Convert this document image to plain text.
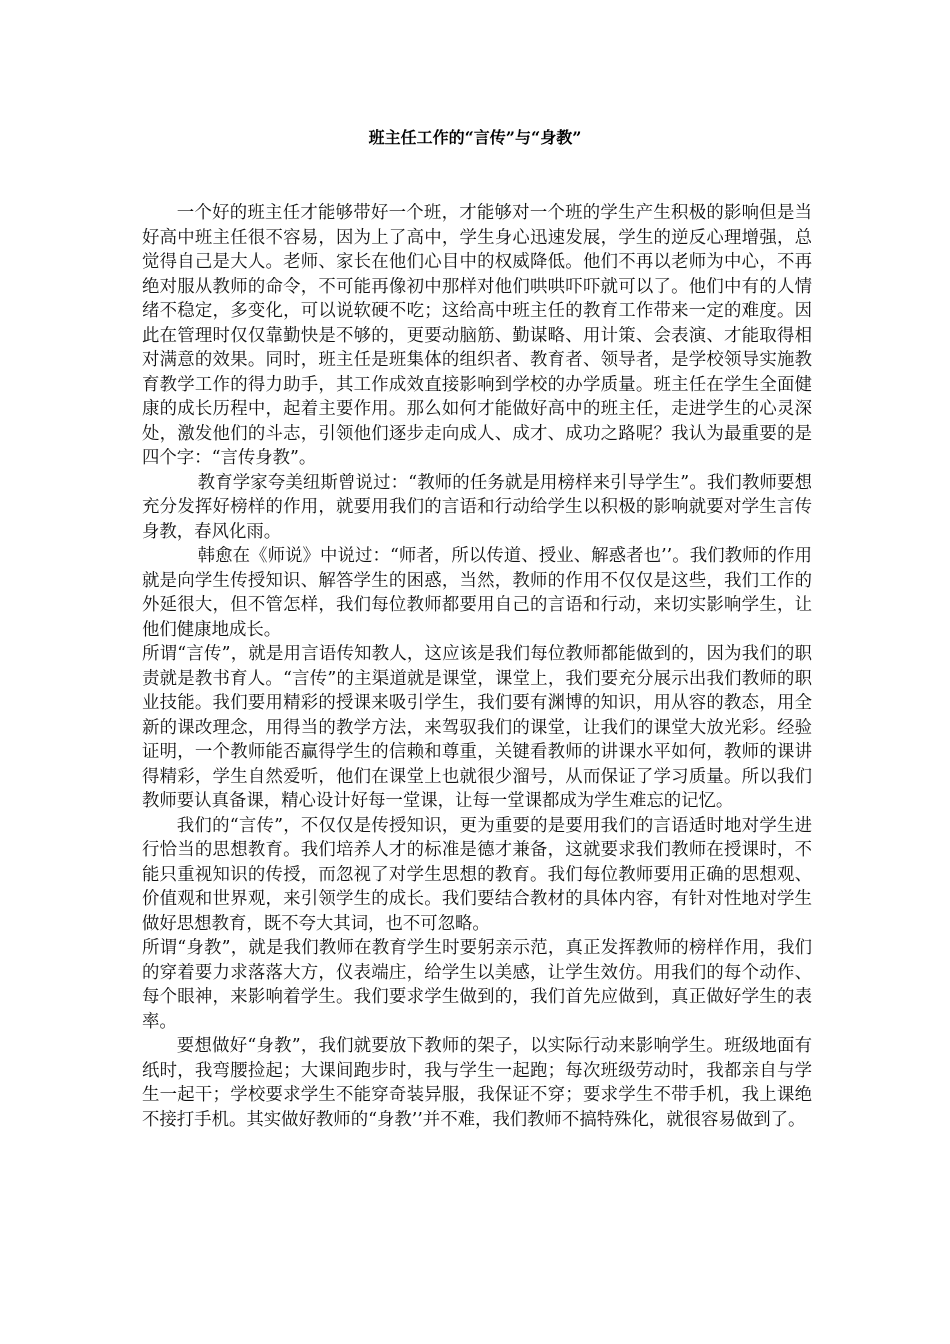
班主任工作的“言传”与“身教”

一个好的班主任才能够带好一个班，才能够对一个班的学生产生积极的影响但是当好高中班主任很不容易，因为上了高中，学生身心迅速发展，学生的逆反心理增强，总觉得自己是大人。老师、家长在他们心目中的权威降低。他们不再以老师为中心，不再绝对服从教师的命令，不可能再像初中那样对他们哄哄吓吓就可以了。他们中有的人情绪不稳定，多变化，可以说软硬不吃；这给高中班主任的教育工作带来一定的难度。因此在管理时仅仅靠勤快是不够的，更要动脑筋、勤谋略、用计策、会表演、才能取得相对满意的效果。同时，班主任是班集体的组织者、教育者、领导者，是学校领导实施教育教学工作的得力助手，其工作成效直接影响到学校的办学质量。班主任在学生全面健康的成长历程中，起着主要作用。那么如何才能做好高中的班主任，走进学生的心灵深处，激发他们的斗志，引领他们逐步走向成人、成才、成功之路呢？我认为最重要的是四个字：“言传身教”。

教育学家夸美纽斯曾说过：“教师的任务就是用榜样来引导学生”。我们教师要想充分发挥好榜样的作用，就要用我们的言语和行动给学生以积极的影响就要对学生言传身教，春风化雨。

韩愈在《师说》中说过：“师者，所以传道、授业、解惑者也’’。我们教师的作用就是向学生传授知识、解答学生的困惑，当然，教师的作用不仅仅是这些，我们工作的外延很大，但不管怎样，我们每位教师都要用自己的言语和行动，来切实影响学生，让他们健康地成长。

所谓“言传”，就是用言语传知教人，这应该是我们每位教师都能做到的，因为我们的职责就是教书育人。“言传”的主渠道就是课堂，课堂上，我们要充分展示出我们教师的职业技能。我们要用精彩的授课来吸引学生，我们要有渊博的知识，用从容的教态，用全新的课改理念，用得当的教学方法，来驾驭我们的课堂，让我们的课堂大放光彩。经验证明，一个教师能否赢得学生的信赖和尊重，关键看教师的讲课水平如何，教师的课讲得精彩，学生自然爱听，他们在课堂上也就很少溜号，从而保证了学习质量。所以我们教师要认真备课，精心设计好每一堂课，让每一堂课都成为学生难忘的记忆。

我们的“言传”，不仅仅是传授知识，更为重要的是要用我们的言语适时地对学生进行恰当的思想教育。我们培养人才的标准是德才兼备，这就要求我们教师在授课时，不能只重视知识的传授，而忽视了对学生思想的教育。我们每位教师要用正确的思想观、价值观和世界观，来引领学生的成长。我们要结合教材的具体内容，有针对性地对学生做好思想教育，既不夸大其词，也不可忽略。

所谓“身教”，就是我们教师在教育学生时要躬亲示范，真正发挥教师的榜样作用，我们的穿着要力求落落大方，仪表端庄，给学生以美感，让学生效仿。用我们的每个动作、每个眼神，来影响着学生。我们要求学生做到的，我们首先应做到，真正做好学生的表率。

要想做好“身教”，我们就要放下教师的架子，以实际行动来影响学生。班级地面有纸时，我弯腰捡起；大课间跑步时，我与学生一起跑；每次班级劳动时，我都亲自与学生一起干；学校要求学生不能穿奇装异服，我保证不穿；要求学生不带手机，我上课绝不接打手机。其实做好教师的“身教’’并不难，我们教师不搞特殊化，就很容易做到了。
